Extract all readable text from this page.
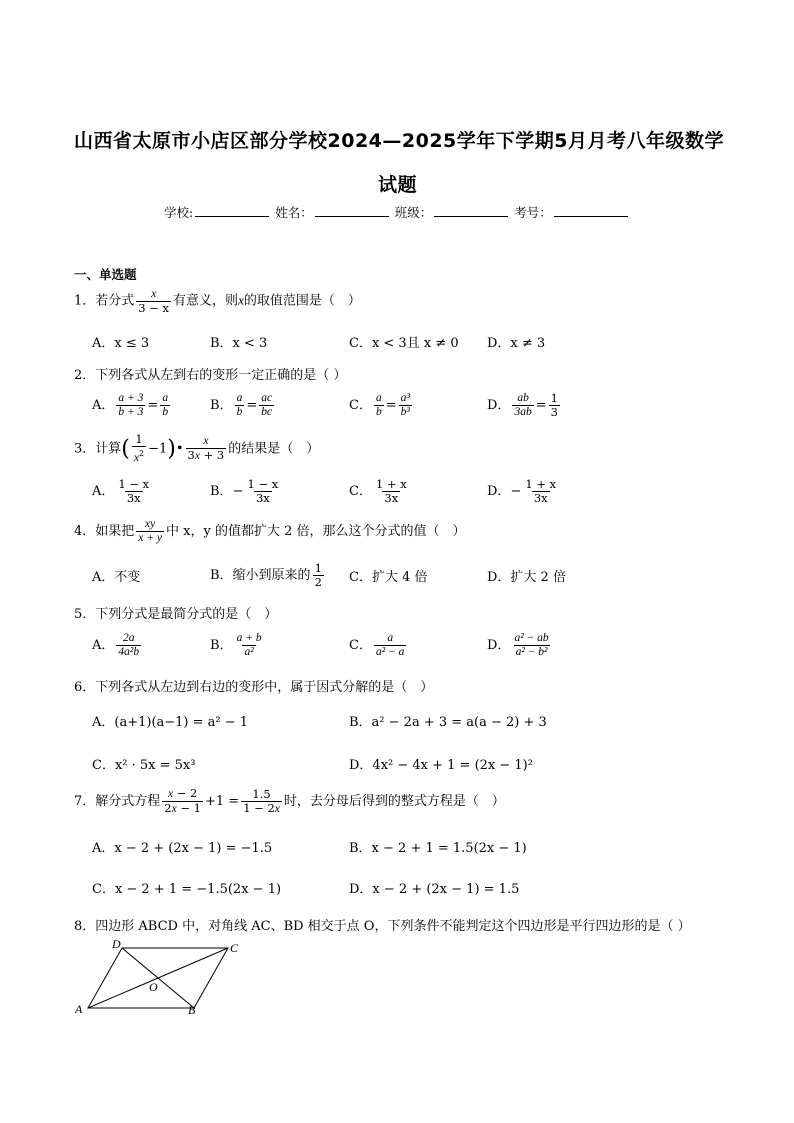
山西省太原市小店区部分学校2024—2025学年下学期5月月考八年级数学
试题
学校:	姓名：	班级：	考号：
一、单选题
1．若分式 $\frac{x}{3 - x}$ 有意义，则x的取值范围是（　）
A．x ≤ 3	B．x < 3	C．x < 3且 x ≠ 0 D．x ≠ 3
2．下列各式从左到右的变形一定正确的是（ ）
A． $\frac{a + 3}{b + 3} = \frac{a}{b}$	B． $\frac{a}{b} = \frac{ac}{bc}$	C． $\frac{a}{b} = \frac{\text{a³}}{\text{b³}}$	D． $\frac{ab}{3ab} = \frac{1}{3}$
3．计算( $\frac{1}{x^2}$ −1)• $\frac{x}{3x + 3}$ 的结果是（　）
A． $\frac{1 - x}{3x}$	B．− $\frac{1 - x}{3x}$	C． $\frac{1 + x}{3x}$	D．− $\frac{1 + x}{3x}$
4．如果把 $\frac{xy}{x + y}$ 中 x，y 的值都扩大 2 倍，那么这个分式的值（　）
A．不变	B．缩小到原来的 $\frac{1}{2}$ C．扩大 4 倍	D．扩大 2 倍
5．下列分式是最简分式的是（　）
A． $\frac{2a}{\text{4a²b}}$	B． $\frac{a + b}{\text{a²}}$	C． $\frac{a}{\text{a² − a}}$	D． $\frac{\text{a² − ab}}{\text{a² − b²}}$
6．下列各式从左边到右边的变形中，属于因式分解的是（　）
A．(a+1)(a−1) = a² − 1	B．a² − 2a + 3 = a(a − 2) + 3
C．x² · 5x = 5x³	D．4x² − 4x + 1 = (2x − 1)²
7．解分式方程 $\frac{x - 2}{2x - 1} +1 = \frac{1.5}{1 - 2x}$ 时，去分母后得到的整式方程是（　）
A．x − 2 + (2x − 1) = −1.5	B．x − 2 + 1 = 1.5(2x − 1)
C．x − 2 + 1 = −1.5(2x − 1)	D．x − 2 + (2x − 1) = 1.5
8．四边形 ABCD 中，对角线 AC、BD 相交于点 O，下列条件不能判定这个四边形是平行四边形的是（ ）
A	B
C
D
O
